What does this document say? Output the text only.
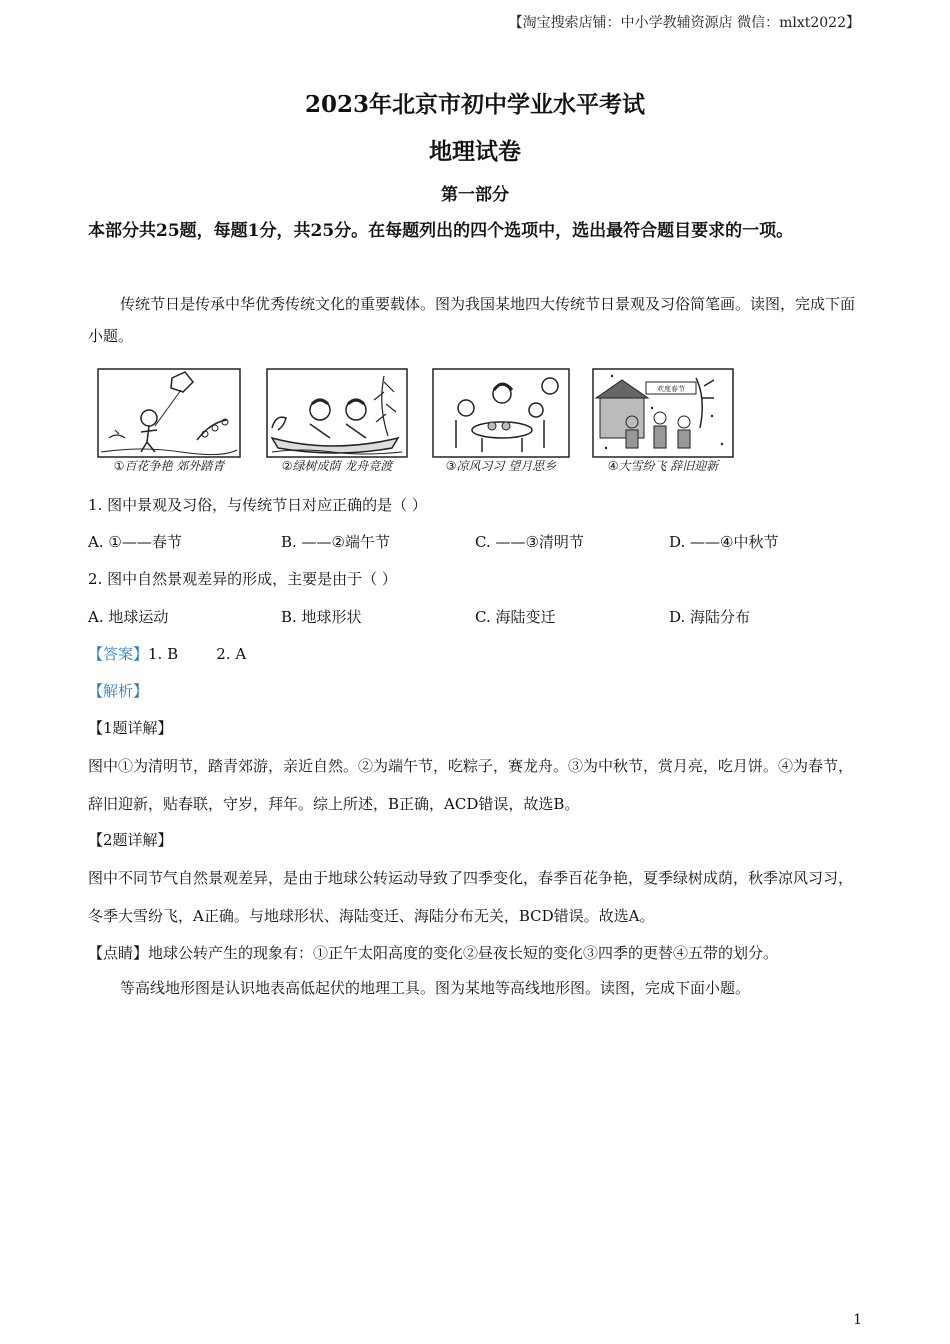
【淘宝搜索店铺：中小学教辅资源店 微信：mlxt2022】
2023年北京市初中学业水平考试
地理试卷
第一部分
本部分共25题，每题1分，共25分。在每题列出的四个选项中，选出最符合题目要求的一项。
传统节日是传承中华优秀传统文化的重要载体。图为我国某地四大传统节日景观及习俗简笔画。读图，完成下面小题。
①百花争艳 郊外踏青	②绿树成荫 龙舟竞渡	③凉风习习 望月思乡
欢度春节
④大雪纷飞 辞旧迎新
1. 图中景观及习俗，与传统节日对应正确的是（ ）
A. ①——春节	B. ——②端午节	C. ——③清明节	D. ——④中秋节
2. 图中自然景观差异的形成，主要是由于（ ）
A. 地球运动	B. 地球形状	C. 海陆变迁	D. 海陆分布
【答案】1. B        2. A
【解析】
【1题详解】
图中①为清明节，踏青郊游，亲近自然。②为端午节，吃粽子，赛龙舟。③为中秋节，赏月亮，吃月饼。④为春节，辞旧迎新，贴春联，守岁，拜年。综上所述，B正确，ACD错误，故选B。
【2题详解】
图中不同节气自然景观差异，是由于地球公转运动导致了四季变化，春季百花争艳，夏季绿树成荫，秋季凉风习习，冬季大雪纷飞，A正确。与地球形状、海陆变迁、海陆分布无关，BCD错误。故选A。
【点睛】地球公转产生的现象有：①正午太阳高度的变化②昼夜长短的变化③四季的更替④五带的划分。
等高线地形图是认识地表高低起伏的地理工具。图为某地等高线地形图。读图，完成下面小题。
1
